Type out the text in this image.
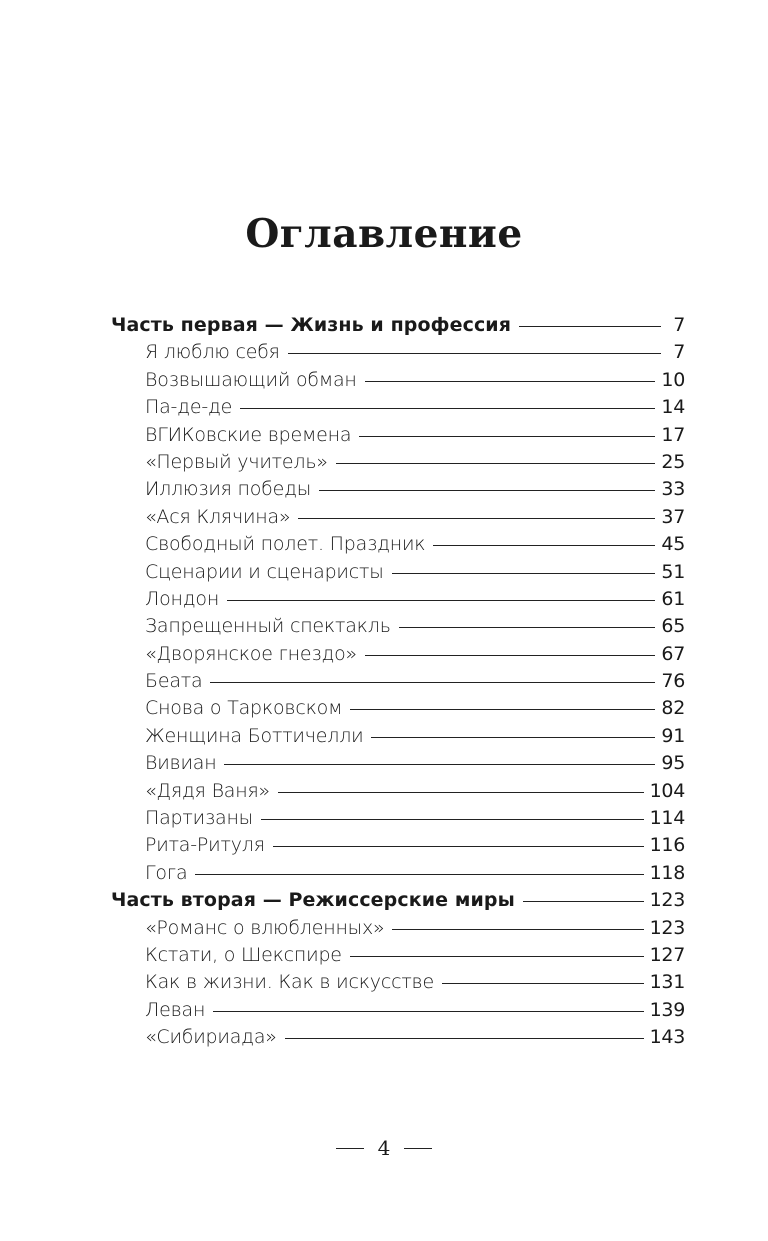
Оглавление
Часть первая — Жизнь и профессия	7
Я люблю себя	7
Возвышающий обман	10
Па-де-де	14
ВГИКовские времена	17
«Первый учитель»	25
Иллюзия победы	33
«Ася Клячина»	37
Свободный полет. Праздник	45
Сценарии и сценаристы	51
Лондон	61
Запрещенный спектакль	65
«Дворянское гнездо»	67
Беата	76
Снова о Тарковском	82
Женщина Боттичелли	91
Вивиан	95
«Дядя Ваня»	104
Партизаны	114
Рита-Ритуля	116
Гога	118
Часть вторая — Режиссерские миры	123
«Романс о влюбленных»	123
Кстати, о Шекспире	127
Как в жизни. Как в искусстве	131
Леван	139
«Сибириада»	143
4
